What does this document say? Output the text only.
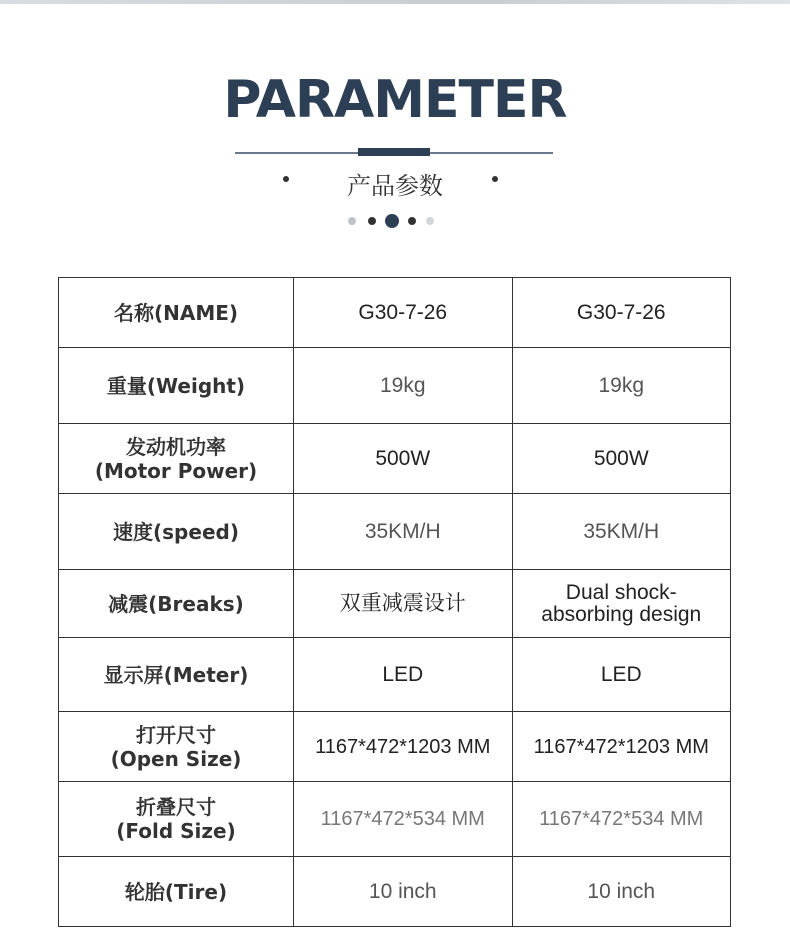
PARAMETER
产品参数
名称(NAME)	G30-7-26	G30-7-26
重量(Weight)	19kg	19kg
发动机功率
(Motor Power)	500W	500W
速度(speed)	35KM/H	35KM/H
减震(Breaks)	双重减震设计	Dual shock-
absorbing design
显示屏(Meter)	LED	LED
打开尺寸
(Open Size)	1167*472*1203 MM	1167*472*1203 MM
折叠尺寸
(Fold Size)	1167*472*534 MM	1167*472*534 MM
轮胎(Tire)	10 inch	10 inch
